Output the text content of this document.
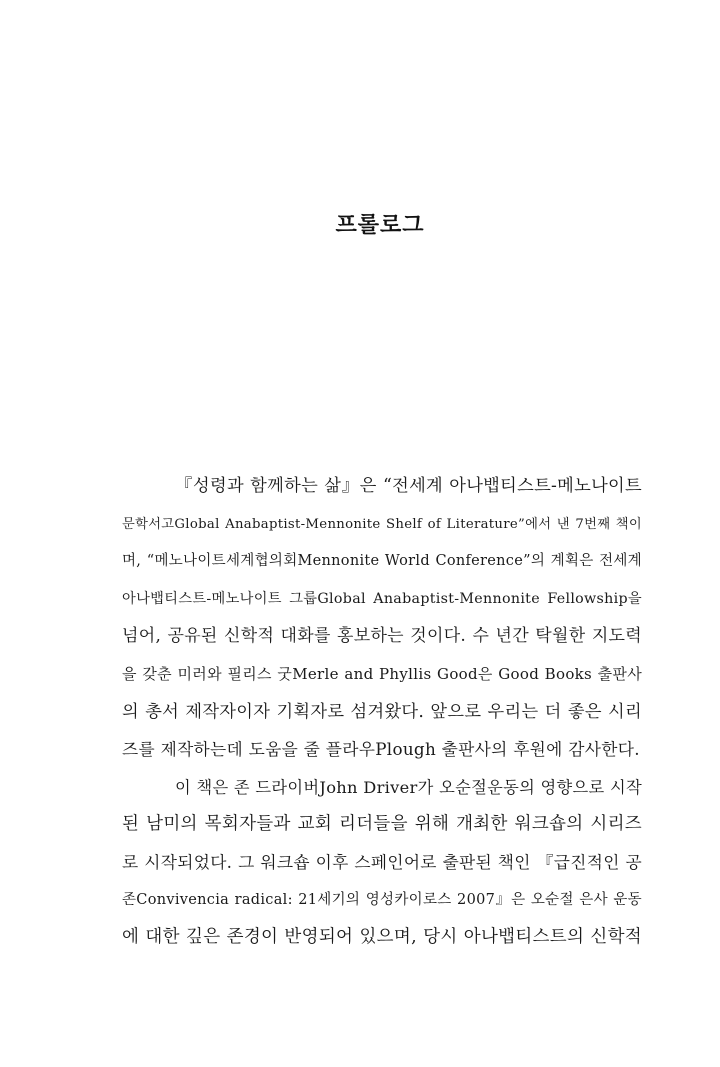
프롤로그
『성령과 함께하는 삶』은 “전세계 아나뱁티스트-메노나이트
문학서고Global Anabaptist-Mennonite Shelf of Literature”에서 낸 7번째 책이
며, “메노나이트세계협의회Mennonite World Conference”의 계획은 전세계
아나뱁티스트-메노나이트 그룹Global Anabaptist-Mennonite Fellowship을
넘어, 공유된 신학적 대화를 홍보하는 것이다. 수 년간 탁월한 지도력
을 갖춘 미러와 필리스 굿Merle and Phyllis Good은 Good Books 출판사
의 총서 제작자이자 기획자로 섬겨왔다. 앞으로 우리는 더 좋은 시리
즈를 제작하는데 도움을 줄 플라우Plough 출판사의 후원에 감사한다.
이 책은 존 드라이버John Driver가 오순절운동의 영향으로 시작
된 남미의 목회자들과 교회 리더들을 위해 개최한 워크숍의 시리즈
로 시작되었다. 그 워크숍 이후 스페인어로 출판된 책인 『급진적인 공
존Convivencia radical: 21세기의 영성카이로스 2007』은 오순절 은사 운동
에 대한 깊은 존경이 반영되어 있으며, 당시 아나뱁티스트의 신학적
